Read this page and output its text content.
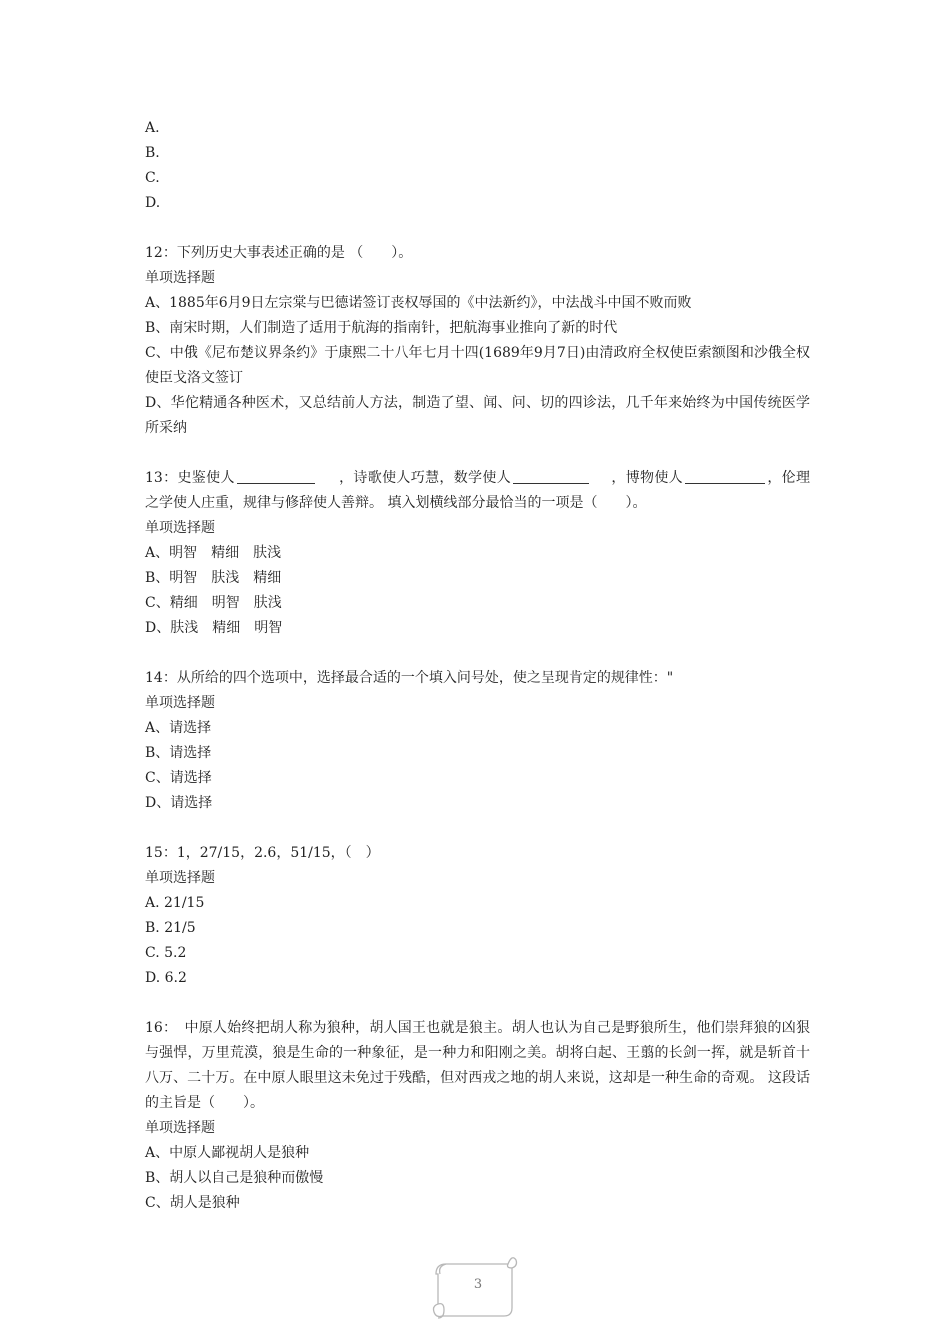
A.
B.
C.
D.
12：下列历史大事表述正确的是 （　　）。
单项选择题
A、1885年6月9日左宗棠与巴德诺签订丧权辱国的《中法新约》，中法战斗中国不败而败
B、南宋时期，人们制造了适用于航海的指南针，把航海事业推向了新的时代
C、中俄《尼布楚议界条约》于康熙二十八年七月十四(1689年9月7日)由清政府全权使臣索额图和沙俄全权使臣戈洛文签订
D、华佗精通各种医术，又总结前人方法，制造了望、闻、问、切的四诊法，几千年来始终为中国传统医学所采纳
13：史鉴使人	，诗歌使人巧慧，数学使人	，博物使人	，伦理之学使人庄重，规律与修辞使人善辩。 填入划横线部分最恰当的一项是（　　）。
单项选择题
A、明智　精细　肤浅
B、明智　肤浅　精细
C、精细　明智　肤浅
D、肤浅　精细　明智
14：从所给的四个选项中，选择最合适的一个填入问号处，使之呈现肯定的规律性："
单项选择题
A、请选择
B、请选择
C、请选择
D、请选择
15：1，27/15，2.6，51/15，（　）
单项选择题
A. 21/15
B. 21/5
C. 5.2
D. 6.2
16：　中原人始终把胡人称为狼种，胡人国王也就是狼主。胡人也认为自己是野狼所生，他们崇拜狼的凶狠与强悍，万里荒漠，狼是生命的一种象征，是一种力和阳刚之美。胡将白起、王翦的长剑一挥，就是斩首十八万、二十万。在中原人眼里这未免过于残酷，但对西戎之地的胡人来说，这却是一种生命的奇观。 这段话的主旨是（　　）。
单项选择题
A、中原人鄙视胡人是狼种
B、胡人以自己是狼种而傲慢
C、胡人是狼种
3
